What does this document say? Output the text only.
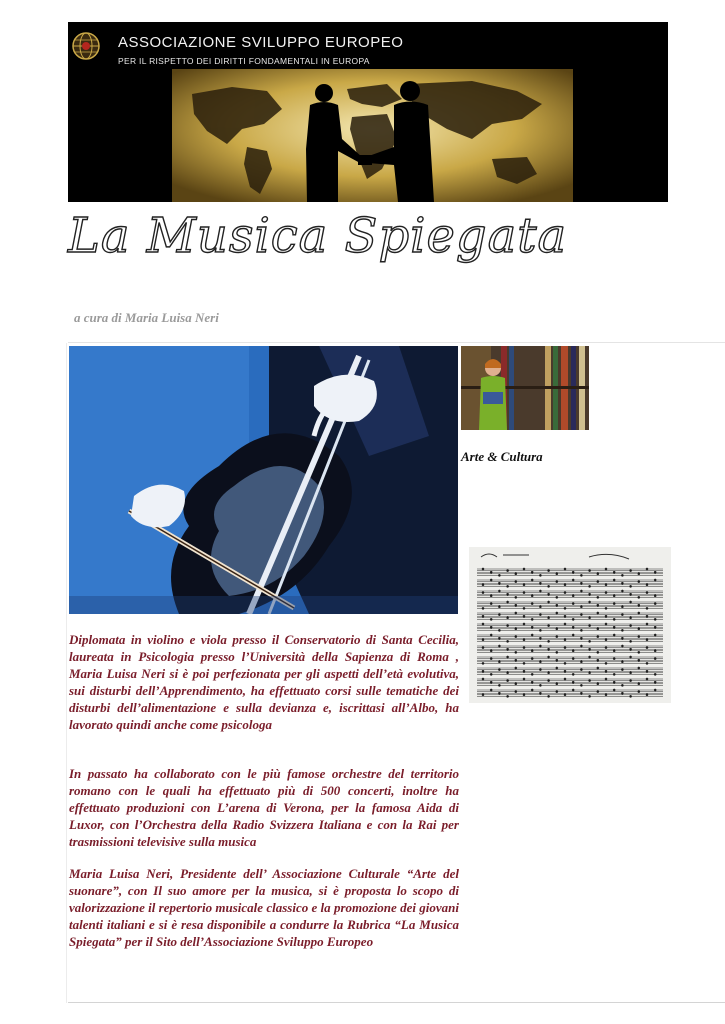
ASSOCIAZIONE SVILUPPO EUROPEO
PER IL RISPETTO DEI DIRITTI FONDAMENTALI IN EUROPA
La Musica Spiegata
a cura di Maria Luisa Neri
Arte & Cultura

Diplomata in violino e viola presso il Conservatorio di Santa Cecilia, laureata in Psicologia presso l’Università della Sapienza di Roma , Maria Luisa Neri si è poi perfezionata per gli aspetti dell’età evolutiva, sui disturbi dell’Apprendimento, ha effettuato corsi sulle tematiche dei disturbi dell’alimentazione e sulla devianza e, iscrittasi all’Albo, ha lavorato quindi anche come psicologa

In passato ha collaborato con le più famose orchestre del territorio romano con le quali ha effettuato più di 500 concerti, inoltre ha effettuato produzioni con L’arena di Verona, per la famosa Aida di Luxor, con l’Orchestra della Radio Svizzera Italiana e con la Rai per trasmissioni televisive sulla musica

Maria Luisa Neri, Presidente dell’ Associazione Culturale “Arte del suonare”, con Il suo amore per la musica, si è proposta lo scopo di valorizzazione il repertorio musicale classico e la promozione dei giovani talenti italiani e si è resa disponibile a condurre la Rubrica “La Musica Spiegata” per il Sito dell’Associazione Sviluppo Europeo
